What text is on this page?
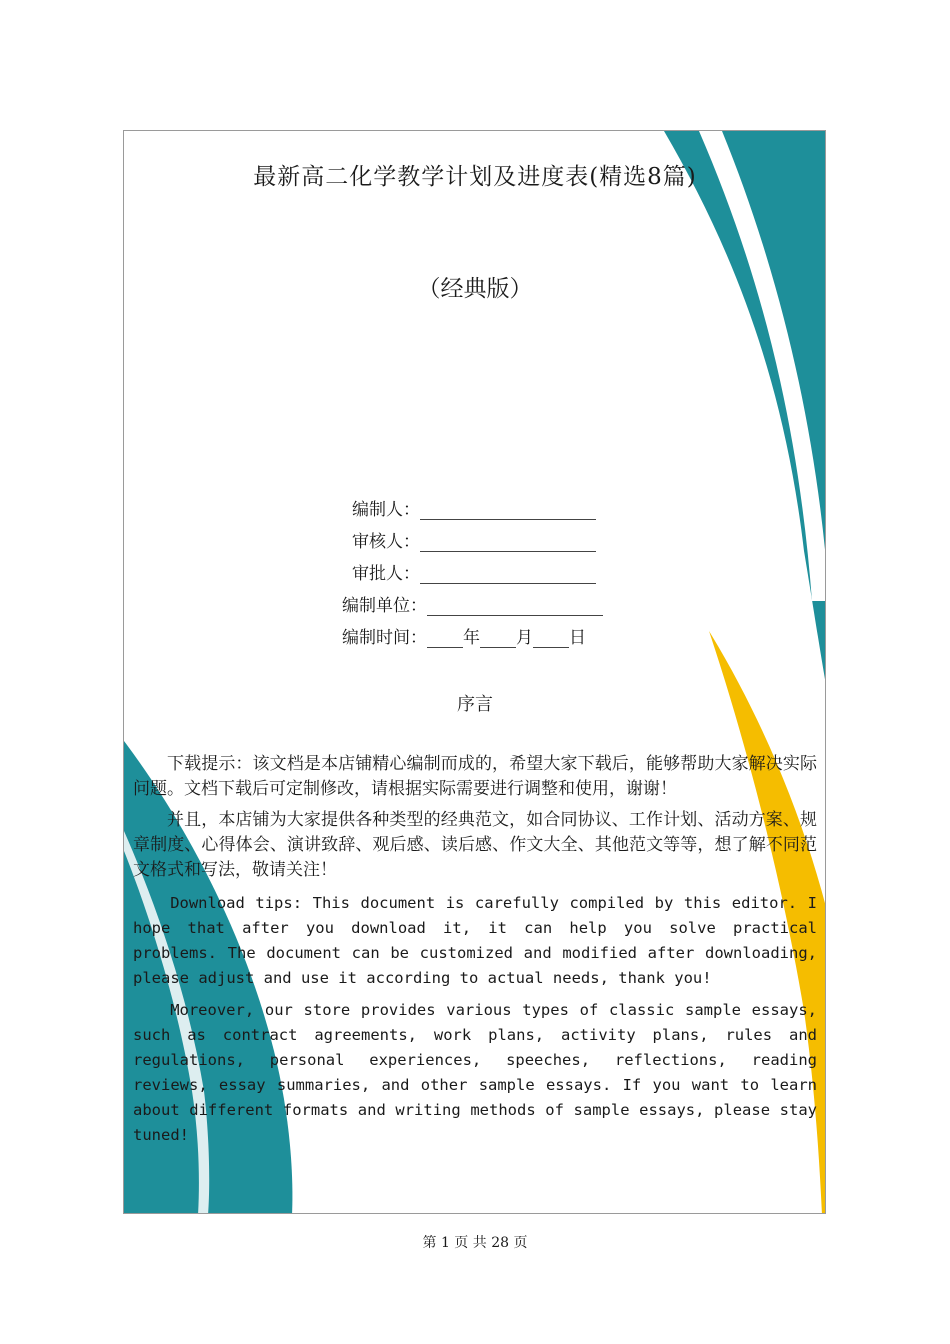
最新高二化学教学计划及进度表(精选8篇)
（经典版）
编制人：
审核人：
审批人：
编制单位：
编制时间： 年 月 日
序言

下载提示：该文档是本店铺精心编制而成的，希望大家下载后，能够帮助大家解决实际问题。文档下载后可定制修改，请根据实际需要进行调整和使用，谢谢！

并且，本店铺为大家提供各种类型的经典范文，如合同协议、工作计划、活动方案、规章制度、心得体会、演讲致辞、观后感、读后感、作文大全、其他范文等等，想了解不同范文格式和写法，敬请关注！

Download tips: This document is carefully compiled by this editor. I hope that after you download it, it can help you solve practical problems. The document can be customized and modified after downloading, please adjust and use it according to actual needs, thank you!

Moreover, our store provides various types of classic sample essays, such as contract agreements, work plans, activity plans, rules and regulations, personal experiences, speeches, reflections, reading reviews, essay summaries, and other sample essays. If you want to learn about different formats and writing methods of sample essays, please stay tuned!

第 1 页 共 28 页
